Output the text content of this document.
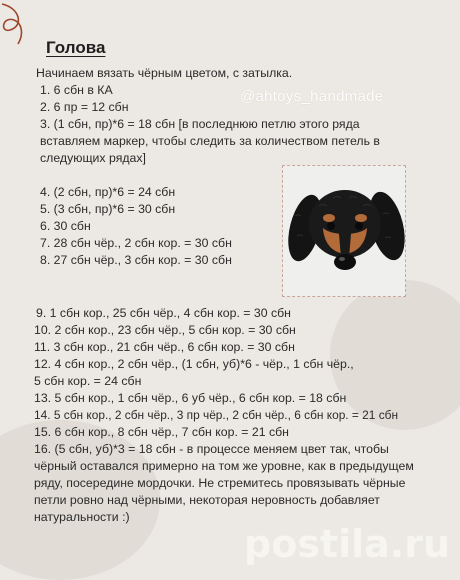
Голова
Начинаем вязать чёрным цветом, с затылка.
@ahtoys_handmade
1. 6 сбн в КА
2. 6 пр = 12 сбн
3. (1 сбн, пр)*6 = 18 сбн [в последнюю петлю этого ряда
вставляем маркер, чтобы следить за количеством петель в
следующих рядах]
4. (2 сбн, пр)*6 = 24 сбн
5. (3 сбн, пр)*6 = 30 сбн
6. 30 сбн
7. 28 сбн чёр., 2 сбн кор. = 30 сбн
8. 27 сбн чёр., 3 сбн кор. = 30 сбн
9. 1 сбн кор., 25 сбн чёр., 4 сбн кор. = 30 сбн
10. 2 сбн кор., 23 сбн чёр., 5 сбн кор. = 30 сбн
11. 3 сбн кор., 21 сбн чёр., 6 сбн кор. = 30 сбн
12. 4 сбн кор., 2 сбн чёр., (1 сбн, уб)*6 - чёр., 1 сбн чёр.,
5 сбн кор. = 24 сбн
13. 5 сбн кор., 1 сбн чёр., 6 уб чёр., 6 сбн кор. = 18 сбн
14. 5 сбн кор., 2 сбн чёр., 3 пр чёр., 2 сбн чёр., 6 сбн кор. = 21 сбн
15. 6 сбн кор., 8 сбн чёр., 7 сбн кор. = 21 сбн
16. (5 сбн, уб)*3 = 18 сбн - в процессе меняем цвет так, чтобы
чёрный оставался примерно на том же уровне, как в предыдущем
ряду, посередине мордочки. Не стремитесь провязывать чёрные
петли ровно над чёрными, некоторая неровность добавляет
натуральности :)
postila.ru
